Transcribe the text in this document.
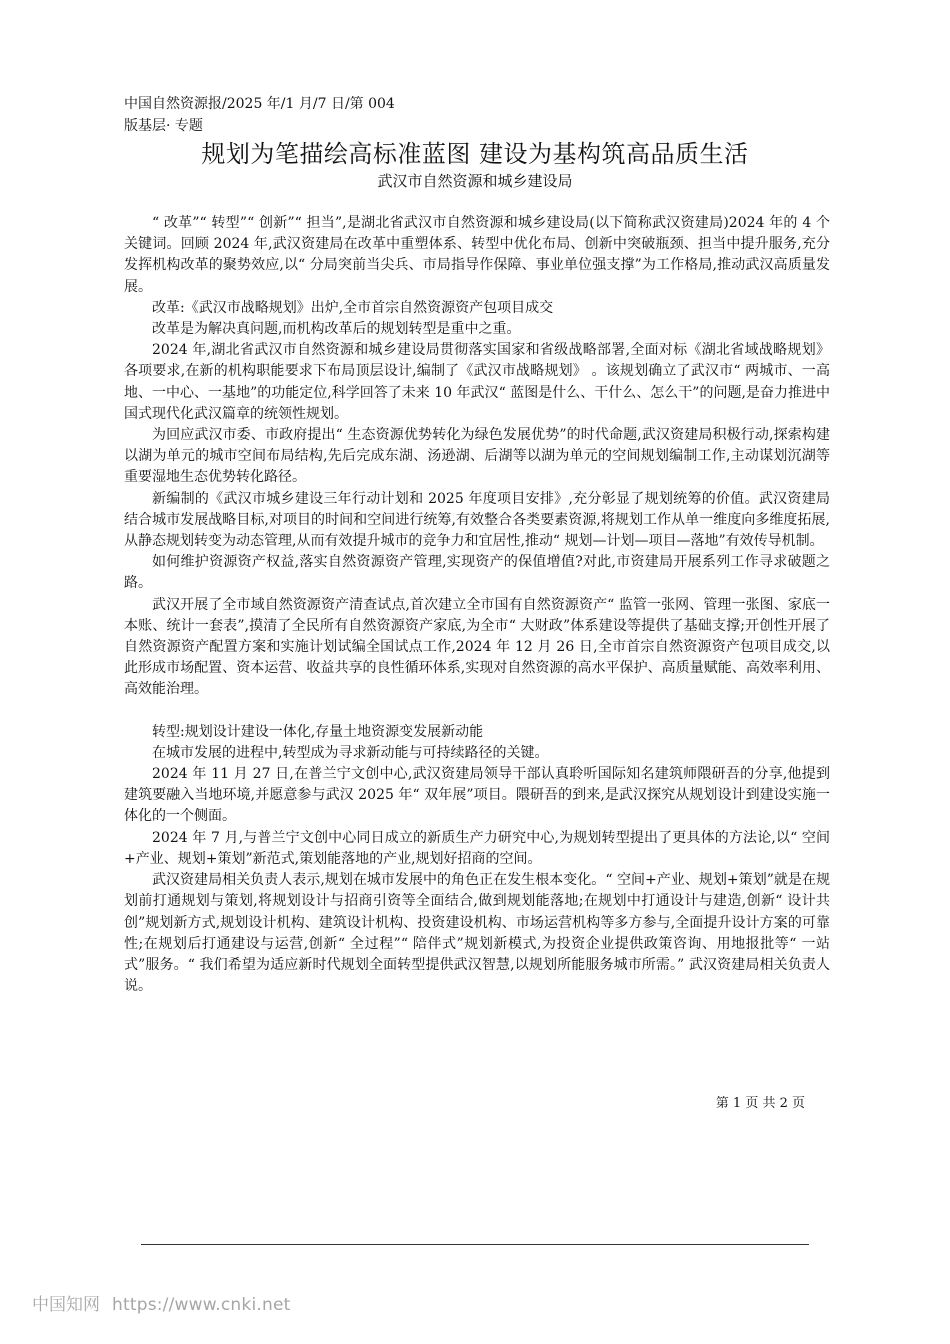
中国自然资源报/2025 年/1 月/7 日/第 004
版基层· 专题
规划为笔描绘高标准蓝图 建设为基构筑高品质生活
武汉市自然资源和城乡建设局

“ 改革”“ 转型”“ 创新”“ 担当”,是湖北省武汉市自然资源和城乡建设局(以下简称武汉资建局)2024 年的 4 个关键词。回顾 2024 年,武汉资建局在改革中重塑体系、转型中优化布局、创新中突破瓶颈、担当中提升服务,充分发挥机构改革的聚势效应,以“ 分局突前当尖兵、市局指导作保障、事业单位强支撑”为工作格局,推动武汉高质量发展。

改革:《武汉市战略规划》出炉,全市首宗自然资源资产包项目成交

改革是为解决真问题,而机构改革后的规划转型是重中之重。

2024 年,湖北省武汉市自然资源和城乡建设局贯彻落实国家和省级战略部署,全面对标《湖北省域战略规划》各项要求,在新的机构职能要求下布局顶层设计,编制了《武汉市战略规划》 。该规划确立了武汉市“ 两城市、一高地、一中心、一基地”的功能定位,科学回答了未来 10 年武汉“ 蓝图是什么、干什么、怎么干”的问题,是奋力推进中国式现代化武汉篇章的统领性规划。

为回应武汉市委、市政府提出“ 生态资源优势转化为绿色发展优势”的时代命题,武汉资建局积极行动,探索构建以湖为单元的城市空间布局结构,先后完成东湖、汤逊湖、后湖等以湖为单元的空间规划编制工作,主动谋划沉湖等重要湿地生态优势转化路径。

新编制的《武汉市城乡建设三年行动计划和 2025 年度项目安排》,充分彰显了规划统筹的价值。武汉资建局结合城市发展战略目标,对项目的时间和空间进行统筹,有效整合各类要素资源,将规划工作从单一维度向多维度拓展,从静态规划转变为动态管理,从而有效提升城市的竞争力和宜居性,推动“ 规划—计划—项目—落地”有效传导机制。

如何维护资源资产权益,落实自然资源资产管理,实现资产的保值增值?对此,市资建局开展系列工作寻求破题之路。

武汉开展了全市域自然资源资产清查试点,首次建立全市国有自然资源资产“ 监管一张网、管理一张图、家底一本账、统计一套表”,摸清了全民所有自然资源资产家底,为全市“ 大财政”体系建设等提供了基础支撑;开创性开展了自然资源资产配置方案和实施计划试编全国试点工作,2024 年 12 月 26 日,全市首宗自然资源资产包项目成交,以此形成市场配置、资本运营、收益共享的良性循环体系,实现对自然资源的高水平保护、高质量赋能、高效率利用、高效能治理。

转型:规划设计建设一体化,存量土地资源变发展新动能

在城市发展的进程中,转型成为寻求新动能与可持续路径的关键。

2024 年 11 月 27 日,在普兰宁文创中心,武汉资建局领导干部认真聆听国际知名建筑师隈研吾的分享,他提到建筑要融入当地环境,并愿意参与武汉 2025 年“ 双年展”项目。隈研吾的到来,是武汉探究从规划设计到建设实施一体化的一个侧面。

2024 年 7 月,与普兰宁文创中心同日成立的新质生产力研究中心,为规划转型提出了更具体的方法论,以“ 空间+产业、规划+策划”新范式,策划能落地的产业,规划好招商的空间。

武汉资建局相关负责人表示,规划在城市发展中的角色正在发生根本变化。“ 空间+产业、规划+策划”就是在规划前打通规划与策划,将规划设计与招商引资等全面结合,做到规划能落地;在规划中打通设计与建造,创新“ 设计共创”规划新方式,规划设计机构、建筑设计机构、投资建设机构、市场运营机构等多方参与,全面提升设计方案的可靠性;在规划后打通建设与运营,创新“ 全过程”“ 陪伴式”规划新模式,为投资企业提供政策咨询、用地报批等“ 一站式”服务。“ 我们希望为适应新时代规划全面转型提供武汉智慧,以规划所能服务城市所需。” 武汉资建局相关负责人说。

第 1 页 共 2 页
中国知网 https://www.cnki.net
